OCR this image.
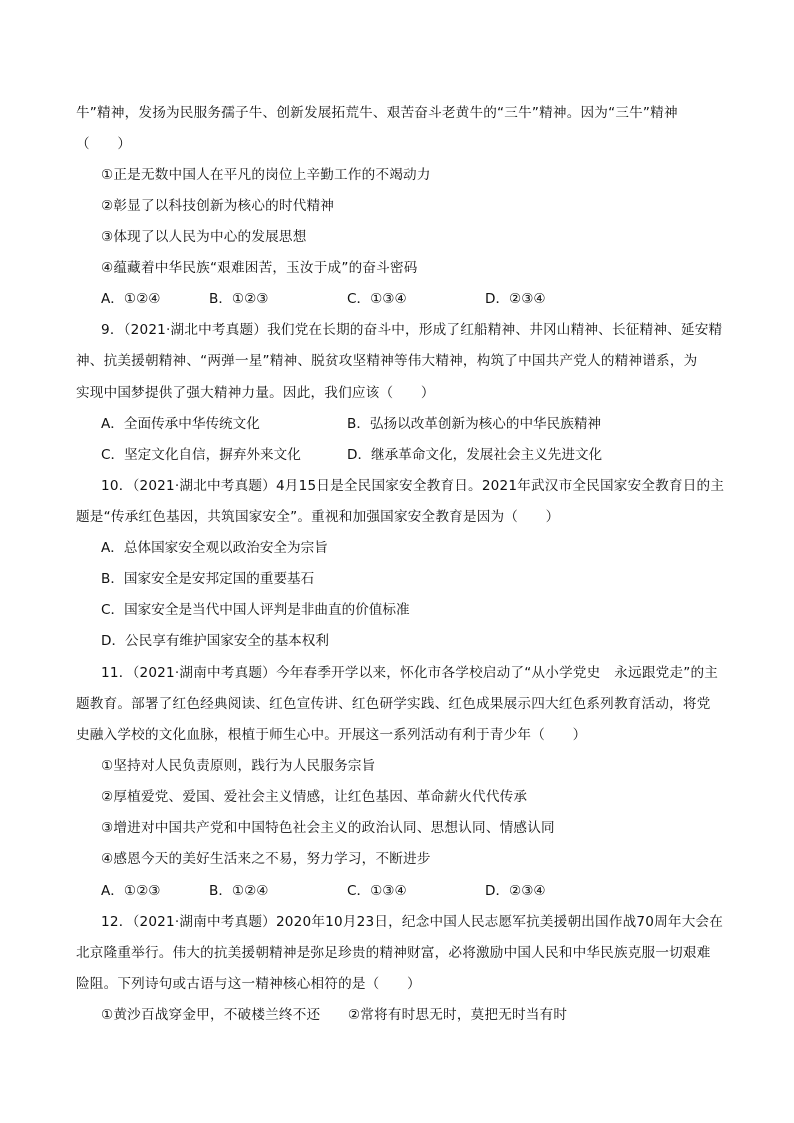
牛”精神，发扬为民服务孺子牛、创新发展拓荒牛、艰苦奋斗老黄牛的“三牛”精神。因为“三牛”精神
（　　）
①正是无数中国人在平凡的岗位上辛勤工作的不竭动力
②彰显了以科技创新为核心的时代精神
③体现了以人民为中心的发展思想
④蕴藏着中华民族“艰难困苦，玉汝于成”的奋斗密码
A．①②④	B．①②③	C．①③④	D．②③④
9．（2021·湖北中考真题）我们党在长期的奋斗中，形成了红船精神、井冈山精神、长征精神、延安精
神、抗美援朝精神、“两弹一星”精神、脱贫攻坚精神等伟大精神，构筑了中国共产党人的精神谱系，为
实现中国梦提供了强大精神力量。因此，我们应该（　　）
A．全面传承中华传统文化	B．弘扬以改革创新为核心的中华民族精神
C．坚定文化自信，摒弃外来文化	D．继承革命文化，发展社会主义先进文化
10．（2021·湖北中考真题）4月15日是全民国家安全教育日。2021年武汉市全民国家安全教育日的主
题是“传承红色基因，共筑国家安全”。重视和加强国家安全教育是因为（　　）
A．总体国家安全观以政治安全为宗旨
B．国家安全是安邦定国的重要基石
C．国家安全是当代中国人评判是非曲直的价值标准
D．公民享有维护国家安全的基本权利
11．（2021·湖南中考真题）今年春季开学以来，怀化市各学校启动了“从小学党史　永远跟党走”的主
题教育。部署了红色经典阅读、红色宣传讲、红色研学实践、红色成果展示四大红色系列教育活动，将党
史融入学校的文化血脉，根植于师生心中。开展这一系列活动有利于青少年（　　）
①坚持对人民负责原则，践行为人民服务宗旨
②厚植爱党、爱国、爱社会主义情感，让红色基因、革命薪火代代传承
③增进对中国共产党和中国特色社会主义的政治认同、思想认同、情感认同
④感恩今天的美好生活来之不易，努力学习，不断进步
A．①②③	B．①②④	C．①③④	D．②③④
12．（2021·湖南中考真题）2020年10月23日，纪念中国人民志愿军抗美援朝出国作战70周年大会在
北京隆重举行。伟大的抗美援朝精神是弥足珍贵的精神财富，必将激励中国人民和中华民族克服一切艰难
险阻。下列诗句或古语与这一精神核心相符的是（　　）
①黄沙百战穿金甲，不破楼兰终不还　　②常将有时思无时，莫把无时当有时
